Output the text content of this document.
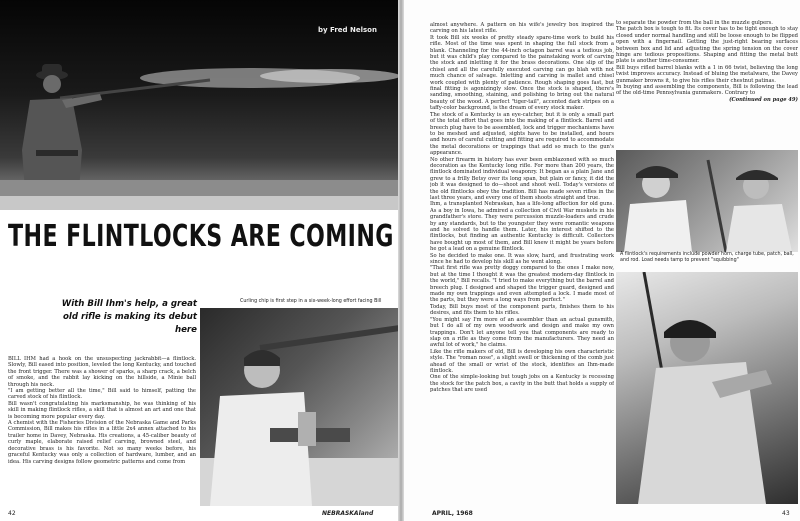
by Fred Nelson
THE FLINTLOCKS ARE COMING
With Bill Ihm's help, a great old rifle is making its debut here
Curling chip is first step in a six-week-long effort facing Bill

BILL IHM had a hook on the unsuspecting jackrabbit—a flintlock. Slowly, Bill eased into position, leveled the long Kentucky, and touched the front trigger. There was a shower of sparks, a sharp crack, a belch of smoke, and the rabbit lay kicking on the hillside, a Minie ball through his neck.

"I am getting better all the time," Bill said to himself, patting the carved stock of his flintlock.

Bill wasn't congratulating his marksmanship, he was thinking of his skill in making flintlock rifles, a skill that is almost an art and one that is becoming more popular every day.

A chemist with the Fisheries Division of the Nebraska Game and Parks Commission, Bill makes his rifles in a little 2x4 annex attached to his trailer home in Davey, Nebraska. His creations, a 45-caliber beauty of curly maple, elaborate raised relief carving, browned steel, and decorative brass is his favorite. Not so many weeks before, his graceful Kentucky was only a collection of hardware, lumber, and an idea. His carving designs follow geometric patterns and come from

42	NEBRASKAland

almost anywhere. A pattern on his wife's jewelry box inspired the carving on his latest rifle.

It took Bill six weeks of pretty steady spare-time work to build his rifle. Most of the time was spent in shaping the full stock from a blank. Channeling for the 44-inch octagon barrel was a tedious job, but it was child's play compared to the painstaking work of carving the stock and inletting it for the brass decorations. One slip of the chisel and all the carefully executed carving can go blah with not much chance of salvage. Inletting and carving is mallet and chisel work coupled with plenty of patience. Rough shaping goes fast, but final fitting is agonizingly slow. Once the stock is shaped, there's sanding, smoothing, staining, and polishing to bring out the natural beauty of the wood. A perfect "tiger-tail", accented dark stripes on a taffy-color background, is the dream of every stock maker.

The stock of a Kentucky is an eye-catcher, but it is only a small part of the total effort that goes into the making of a flintlock. Barrel and breech plug have to be assembled, lock and trigger mechanisms have to be meshed and adjusted, sights have to be installed, and hours and hours of careful cutting and fitting are required to accommodate the metal decorations or trappings that add so much to the gun's appearance.

No other firearm in history has ever been emblazoned with so much decoration as the Kentucky long rifle. For more than 200 years, the flintlock dominated individual weaponry. It began as a plain Jane and grew to a frilly Betsy over its long span, but plain or fancy, it did the job it was designed to do—shoot and shoot well. Today's versions of the old flintlocks obey the tradition. Bill has made seven rifles in the last three years, and every one of them shoots straight and true.

Ihm, a transplanted Nebraskan, has a life-long affection for old guns. As a boy in Iowa, he admired a collection of Civil War muskets in his grandfather's store. They were percussion muzzle-loaders and crude by any standards, but to the youngster they were romantic weapons and he solved to handle them. Later, his interest shifted to the flintlocks, but finding an authentic Kentucky is difficult. Collectors have bought up most of them, and Bill knew it might be years before he got a lead on a genuine flintlock.

So he decided to make one. It was slow, hard, and frustrating work since he had to develop his skill as he went along.

"That first rifle was pretty doggy compared to the ones I make now, but at the time I thought it was the greatest modern-day flintlock in the world," Bill recalls. "I tried to make everything but the barrel and breech plug. I designed and shaped the trigger guard, designed and made my own trappings and even attempted a lock. I made most of the parts, but they were a long ways from perfect."

Today, Bill buys most of the component parts, finishes them to his desires, and fits them to his rifles.

"You might say I'm more of an assembler than an actual gunsmith, but I do all of my own woodwork and design and make my own trappings. Don't let anyone tell you that components are ready to slap on a rifle as they come from the manufacturers. They need an awful lot of work," he claims.

Like the rifle makers of old, Bill is developing his own characteristic style. The "roman nose", a slight swell or thickening of the comb just ahead of the small or wrist of the stock, identifies an Ihm-made flintlock.

One of the simple-looking but tough jobs on a Kentucky is recessing the stock for the patch box, a cavity in the butt that holds a supply of patches that are used

to separate the powder from the ball in the muzzle gulpers.

The patch box is tough to fit. Its cover has to be tight enough to stay closed under normal handling and still be loose enough to be flipped open with a fingernail. Getting the just-right bearing surfaces between box and lid and adjusting the spring tension on the cover hinge are tedious propositions. Shaping and fitting the metal butt plate is another time-consumer.

Bill buys rifled barrel blanks with a 1 in 66 twist, believing the long twist improves accuracy. Instead of bluing the metalware, the Davey gunmaker browns it, to give his rifles their chestnut patinas.

In buying and assembling the components, Bill is following the lead of the old-time Pennsylvania gunmakers. Contrary to
(Continued on page 49)

A flintlock's requirements include powder horn, charge tube, patch, ball, and rod. Load needs tamp to prevent "squibbing"
APRIL, 1968	43
